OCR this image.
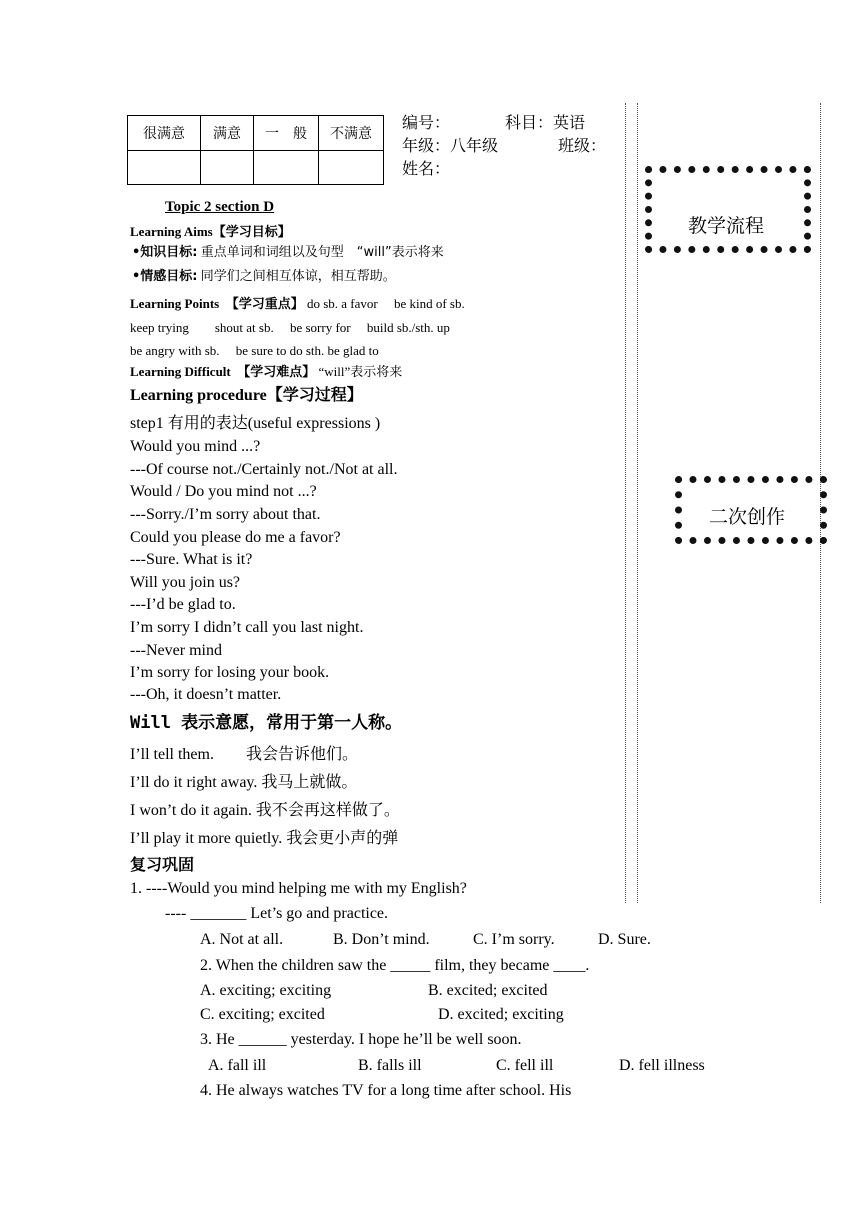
很满意	满意	一　般	不满意

编号：	科目：英语
年级：八年级	班级：
姓名：
教学流程
二次创作
Topic 2 section D
Learning Aims【学习目标】
•知识目标: 重点单词和词组以及句型　“will”表示将来
•情感目标: 同学们之间相互体谅，相互帮助。
Learning Points　【学习重点】 do sb. a favor　 be kind of sb.
keep trying　　shout at sb.　 be sorry for　 build sb./sth. up
be angry with sb.　 be sure to do sth. be glad to
Learning Difficult　【学习难点】 “will”表示将来
Learning procedure【学习过程】
step1 有用的表达(useful expressions )
Would you mind ...?
---Of course not./Certainly not./Not at all.
Would / Do you mind not ...?
---Sorry./I’m sorry about that.
Could you please do me a favor?
---Sure. What is it?
Will you join us?
---I’d be glad to.
I’m sorry I didn’t call you last night.
---Never mind
I’m sorry for losing your book.
---Oh, it doesn’t matter.
Will 表示意愿，常用于第一人称。
I’ll tell them.　　我会告诉他们。
I’ll do it right away. 我马上就做。
I won’t do it again. 我不会再这样做了。
I’ll play it more quietly. 我会更小声的弹
复习巩固
1. ----Would you mind helping me with my English?
---- _______ Let’s go and practice.
A. Not at all.	B. Don’t mind.	C. I’m sorry.	D. Sure.
2. When the children saw the _____ film, they became ____.
A. exciting; exciting	B. excited; excited
C. exciting; excited	D. excited; exciting
3. He ______ yesterday. I hope he’ll be well soon.
A. fall ill	B. falls ill	C. fell ill	D. fell illness
4. He always watches TV for a long time after school. His
